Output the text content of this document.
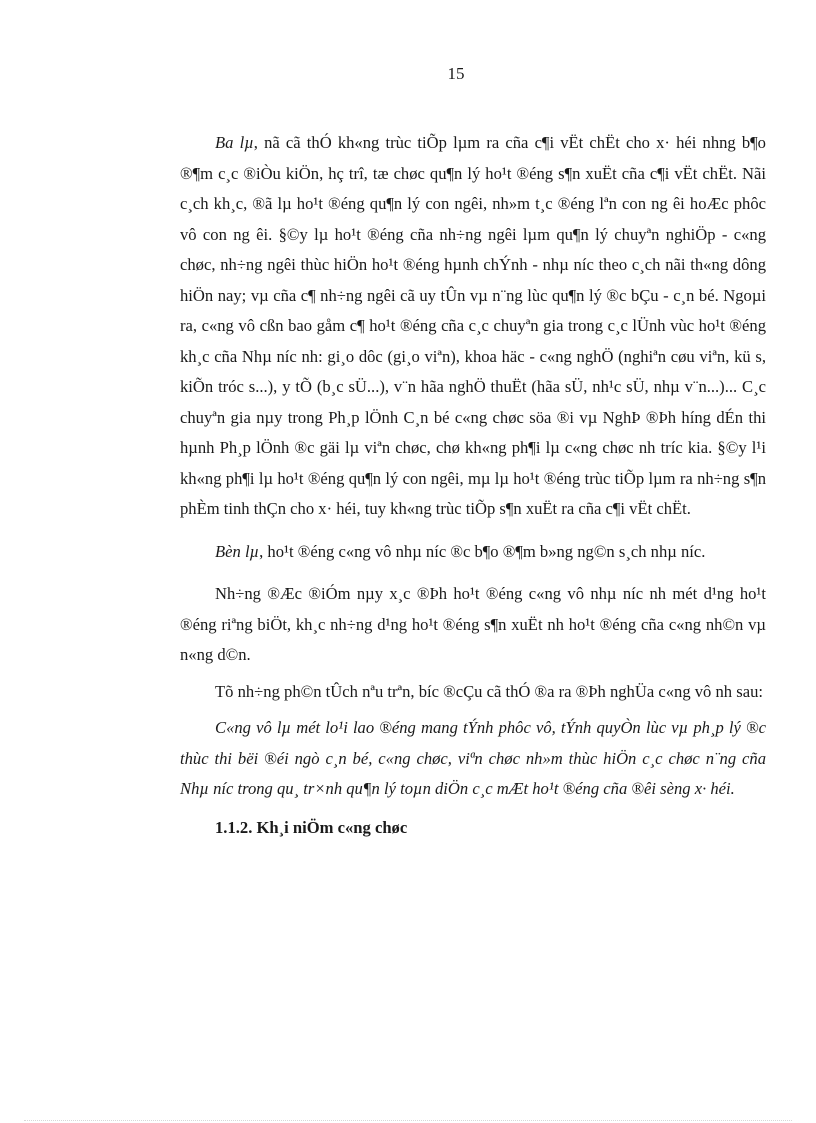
15

Ba lµ, nã cã thÓ kh«ng trùc tiÕp lµm ra cña c¶i vËt chËt cho x· héi nhng b¶o ®¶m c¸c ®iÒu kiÖn, hç trî, tæ chøc qu¶n lý ho¹t ®éng s¶n xuËt cña c¶i vËt chËt. Nãi c¸ch kh¸c, ®ã lµ ho¹t ®éng qu¶n lý con ngêi, nh»m t¸c ®éng lªn con ng êi hoÆc phôc vô con ng êi. §©y lµ ho¹t ®éng cña nh÷ng ngêi lµm qu¶n lý chuyªn nghiÖp - c«ng chøc, nh÷ng ngêi thùc hiÖn ho¹t ®éng hµnh chÝnh - nhµ níc theo c¸ch nãi th«ng dông hiÖn nay; vµ cña c¶ nh÷ng ngêi cã uy tÛn vµ n¨ng lùc qu¶n lý ®c bÇu - c¸n bé. Ngoµi ra, c«ng vô cßn bao gåm c¶ ho¹t ®éng cña c¸c chuyªn gia trong c¸c lÜnh vùc ho¹t ®éng kh¸c cña Nhµ níc nh: gi¸o dôc (gi¸o viªn), khoa häc - c«ng nghÖ (nghiªn cøu viªn, kü s, kiÕn tróc s...), y tÕ (b¸c sÜ...), v¨n hãa nghÖ thuËt (hãa sÜ, nh¹c sÜ, nhµ v¨n...)... C¸c chuyªn gia nµy trong Ph¸p lÖnh C¸n bé c«ng chøc söa ®i vµ NghÞ ®Þh híng dÉn thi hµnh Ph¸p lÖnh ®c gäi lµ viªn chøc, chø kh«ng ph¶i lµ c«ng chøc nh tríc kia. §©y l¹i kh«ng ph¶i lµ ho¹t ®éng qu¶n lý con ngêi, mµ lµ ho¹t ®éng trùc tiÕp lµm ra nh÷ng s¶n phÈm tinh thÇn cho x· héi, tuy kh«ng trùc tiÕp s¶n xuËt ra cña c¶i vËt chËt.

Bèn lµ, ho¹t ®éng c«ng vô nhµ níc ®c b¶o ®¶m b»ng ng©n s¸ch nhµ níc.

Nh÷ng ®Æc ®iÓm nµy x¸c ®Þh ho¹t ®éng c«ng vô nhµ níc nh mét d¹ng ho¹t ®éng riªng biÖt, kh¸c nh÷ng d¹ng ho¹t ®éng s¶n xuËt nh ho¹t ®éng cña c«ng nh©n vµ n«ng d©n.

Tõ nh÷ng ph©n tÛch nªu trªn, bíc ®cÇu cã thÓ ®a ra ®Þh nghÜa c«ng vô nh sau:

C«ng vô lµ mét lo¹i lao ®éng mang tÝnh phôc vô, tÝnh quyÒn lùc vµ ph¸p lý ®c thùc thi bëi ®éi ngò c¸n bé, c«ng chøc, viªn chøc nh»m thùc hiÖn c¸c chøc n¨ng cña Nhµ níc trong qu¸ tr×nh qu¶n lý toµn diÖn c¸c mÆt ho¹t ®éng cña ®êi sèng x· héi.

1.1.2. Kh¸i niÖm c«ng chøc
